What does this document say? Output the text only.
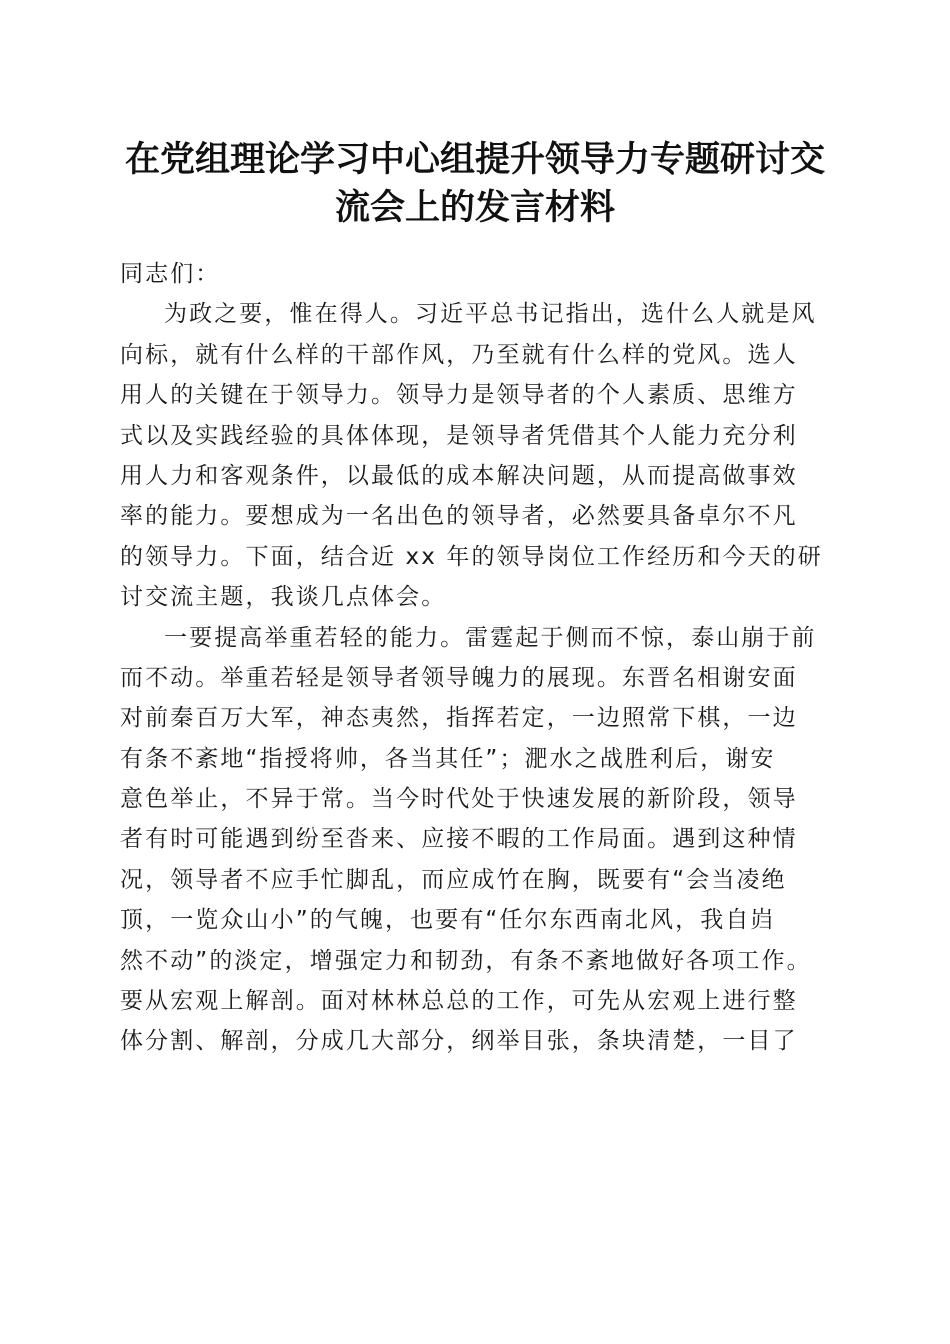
在党组理论学习中心组提升领导力专题研讨交
流会上的发言材料
同志们：
为政之要，惟在得人。习近平总书记指出，选什么人就是风
向标，就有什么样的干部作风，乃至就有什么样的党风。选人
用人的关键在于领导力。领导力是领导者的个人素质、思维方
式以及实践经验的具体体现，是领导者凭借其个人能力充分利
用人力和客观条件，以最低的成本解决问题，从而提高做事效
率的能力。要想成为一名出色的领导者，必然要具备卓尔不凡
的领导力。下面，结合近 xx 年的领导岗位工作经历和今天的研
讨交流主题，我谈几点体会。
一要提高举重若轻的能力。雷霆起于侧而不惊，泰山崩于前
而不动。举重若轻是领导者领导魄力的展现。东晋名相谢安面
对前秦百万大军，神态夷然，指挥若定，一边照常下棋，一边
有条不紊地“指授将帅，各当其任”；淝水之战胜利后，谢安
意色举止，不异于常。当今时代处于快速发展的新阶段，领导
者有时可能遇到纷至沓来、应接不暇的工作局面。遇到这种情
况，领导者不应手忙脚乱，而应成竹在胸，既要有“会当凌绝
顶，一览众山小”的气魄，也要有“任尔东西南北风，我自岿
然不动”的淡定，增强定力和韧劲，有条不紊地做好各项工作。
要从宏观上解剖。面对林林总总的工作，可先从宏观上进行整
体分割、解剖，分成几大部分，纲举目张，条块清楚，一目了
